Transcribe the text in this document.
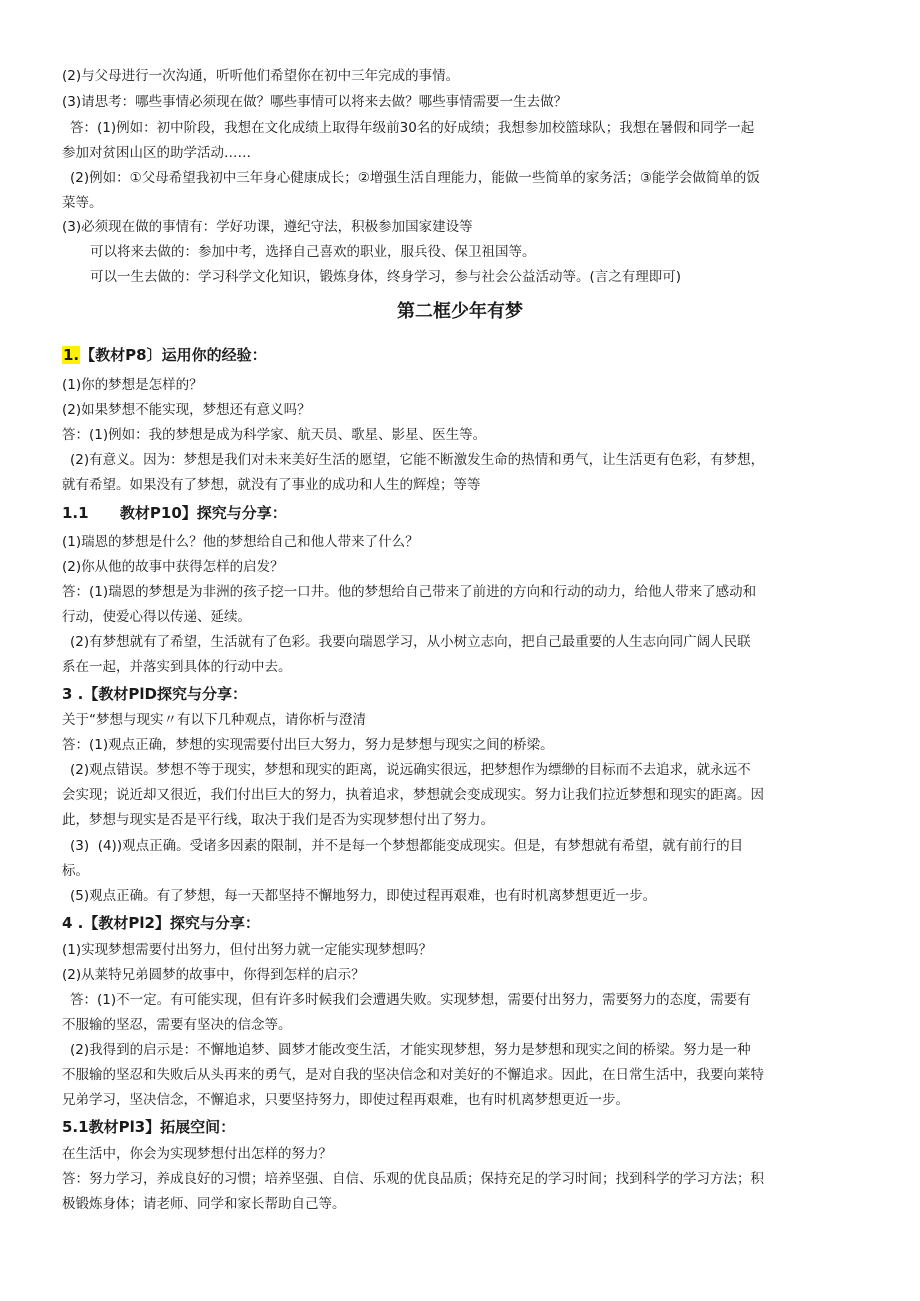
(2)与父母进行一次沟通，听听他们希望你在初中三年完成的事情。
(3)请思考：哪些事情必须现在做？哪些事情可以将来去做？哪些事情需要一生去做？
答：(1)例如：初中阶段，我想在文化成绩上取得年级前30名的好成绩；我想参加校篮球队；我想在暑假和同学一起
参加对贫困山区的助学活动……
(2)例如：①父母希望我初中三年身心健康成长；②增强生活自理能力，能做一些简单的家务活；③能学会做简单的饭
菜等。
(3)必须现在做的事情有：学好功课，遵纪守法，积极参加国家建设等
可以将来去做的：参加中考，选择自己喜欢的职业，服兵役、保卫祖国等。
可以一生去做的：学习科学文化知识，锻炼身体，终身学习，参与社会公益活动等。(言之有理即可)
第二框少年有梦
1.【教材P8〕运用你的经验：
(1)你的梦想是怎样的？
(2)如果梦想不能实现，梦想还有意义吗？
答：(1)例如：我的梦想是成为科学家、航天员、歌星、影星、医生等。
(2)有意义。因为：梦想是我们对未来美好生活的愿望，它能不断激发生命的热情和勇气，让生活更有色彩，有梦想，
就有希望。如果没有了梦想，就没有了事业的成功和人生的辉煌；等等
1.1      教材P10】探究与分享：
(1)瑞恩的梦想是什么？他的梦想给自己和他人带来了什么？
(2)你从他的故事中获得怎样的启发？
答：(1)瑞恩的梦想是为非洲的孩子挖一口井。他的梦想给自己带来了前进的方向和行动的动力，给他人带来了感动和
行动，使爱心得以传递、延续。
(2)有梦想就有了希望，生活就有了色彩。我要向瑞恩学习，从小树立志向，把自己最重要的人生志向同广阔人民联
系在一起，并落实到具体的行动中去。
3 .【教材PlD探究与分享：
关于“梦想与现实〃有以下几种观点，请你析与澄清
答：(1)观点正确，梦想的实现需要付出巨大努力，努力是梦想与现实之间的桥梁。
(2)观点错误。梦想不等于现实，梦想和现实的距离，说远确实很远，把梦想作为缥缈的目标而不去追求，就永远不
会实现；说近却又很近，我们付出巨大的努力，执着追求，梦想就会变成现实。努力让我们拉近梦想和现实的距离。因
此，梦想与现实是否是平行线，取决于我们是否为实现梦想付出了努力。
(3)  (4))观点正确。受诸多因素的限制，并不是每一个梦想都能变成现实。但是，有梦想就有希望，就有前行的目
标。
(5)观点正确。有了梦想，每一天都坚持不懈地努力，即使过程再艰难，也有时机离梦想更近一步。
4 .【教材Pl2】探究与分享：
(1)实现梦想需要付出努力，但付出努力就一定能实现梦想吗？
(2)从莱特兄弟圆梦的故事中，你得到怎样的启示？
答：(1)不一定。有可能实现，但有许多时候我们会遭遇失败。实现梦想，需要付出努力，需要努力的态度，需要有
不服输的坚忍，需要有坚决的信念等。
(2)我得到的启示是：不懈地追梦、圆梦才能改变生活，才能实现梦想，努力是梦想和现实之间的桥梁。努力是一种
不服输的坚忍和失败后从头再来的勇气，是对自我的坚决信念和对美好的不懈追求。因此，在日常生活中，我要向莱特
兄弟学习，坚决信念，不懈追求，只要坚持努力，即使过程再艰难，也有时机离梦想更近一步。
5.1教材Pl3】拓展空间：
在生活中，你会为实现梦想付出怎样的努力？
答：努力学习，养成良好的习惯；培养坚强、自信、乐观的优良品质；保持充足的学习时间；找到科学的学习方法；积
极锻炼身体；请老师、同学和家长帮助自己等。
